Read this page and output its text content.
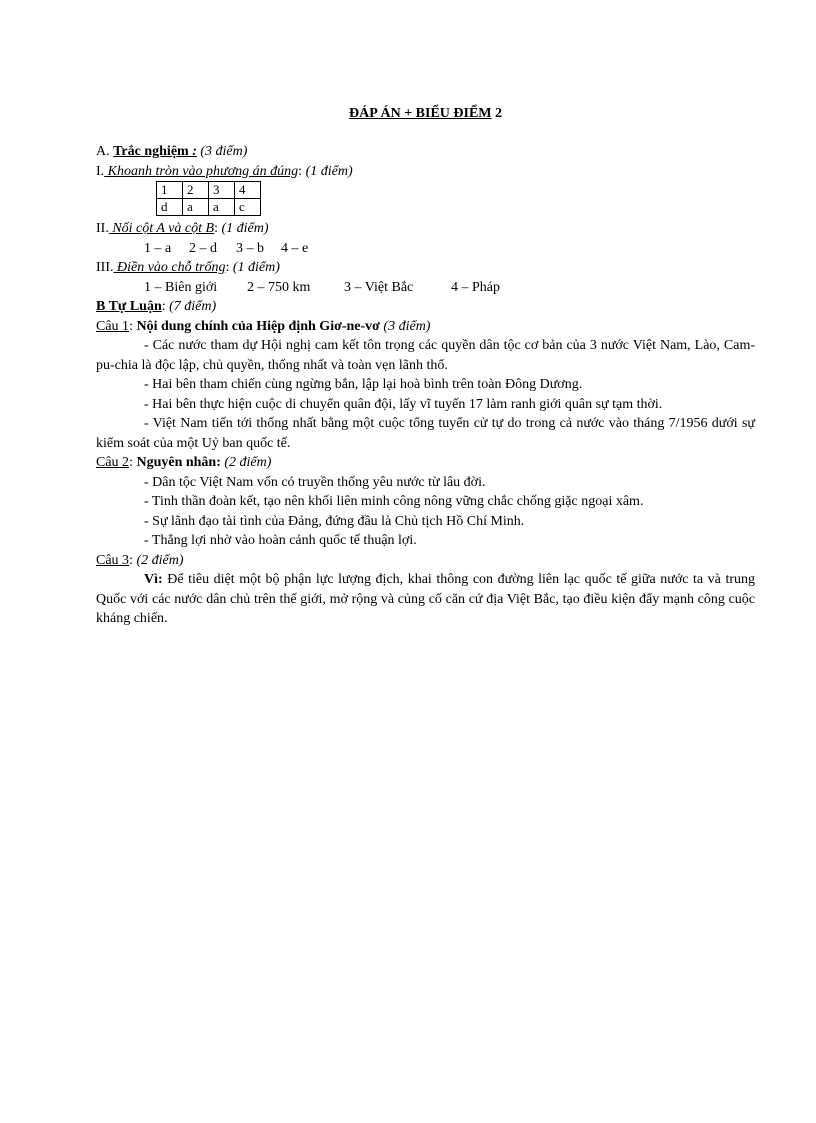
ĐÁP ÁN + BIỂU ĐIỂM 2
A. Trắc nghiệm : (3 điểm)
I. Khoanh tròn vào phương án đúng: (1 điểm)
1	2	3	4
d	a	a	c
II. Nối cột A và cột B: (1 điểm)
1 – a 2 – d 3 – b 4 – e
III. Điền vào chỗ trống: (1 điểm)
1 – Biên giới 2 – 750 km 3 – Việt Bắc	4 – Pháp
B Tự Luận: (7 điểm)
Câu 1: Nội dung chính của Hiệp định Giơ-ne-vơ (3 điểm)
- Các nước tham dự Hội nghị cam kết tôn trọng các quyền dân tộc cơ bản của 3 nước Việt Nam, Lào, Cam-pu-chia là độc lập, chủ quyền, thống nhất và toàn vẹn lãnh thổ.
- Hai bên tham chiến cùng ngừng bắn, lập lại hoà bình trên toàn Đông Dương.
- Hai bên thực hiện cuộc di chuyển quân đội, lấy vĩ tuyến 17 làm ranh giới quân sự tạm thời.
- Việt Nam tiến tới thống nhất bằng một cuộc tổng tuyển cử tự do trong cả nước vào tháng 7/1956 dưới sự kiểm soát của một Uỷ ban quốc tế.
Câu 2: Nguyên nhân: (2 điểm)
- Dân tộc Việt Nam vốn có truyền thống yêu nước từ lâu đời.
- Tinh thần đoàn kết, tạo nên khối liên minh công nông vững chắc chống giặc ngoại xâm.
- Sự lãnh đạo tài tình của Đảng, đứng đầu là Chủ tịch Hồ Chí Minh.
- Thắng lợi nhờ vào hoàn cảnh quốc tế thuận lợi.
Câu 3: (2 điểm)
Vì: Để tiêu diệt một bộ phận lực lượng địch, khai thông con đường liên lạc quốc tế giữa nước ta và trung Quốc với các nước dân chủ trên thế giới, mở rộng và củng cố căn cứ địa Việt Bắc, tạo điều kiện đẩy mạnh công cuộc kháng chiến.
